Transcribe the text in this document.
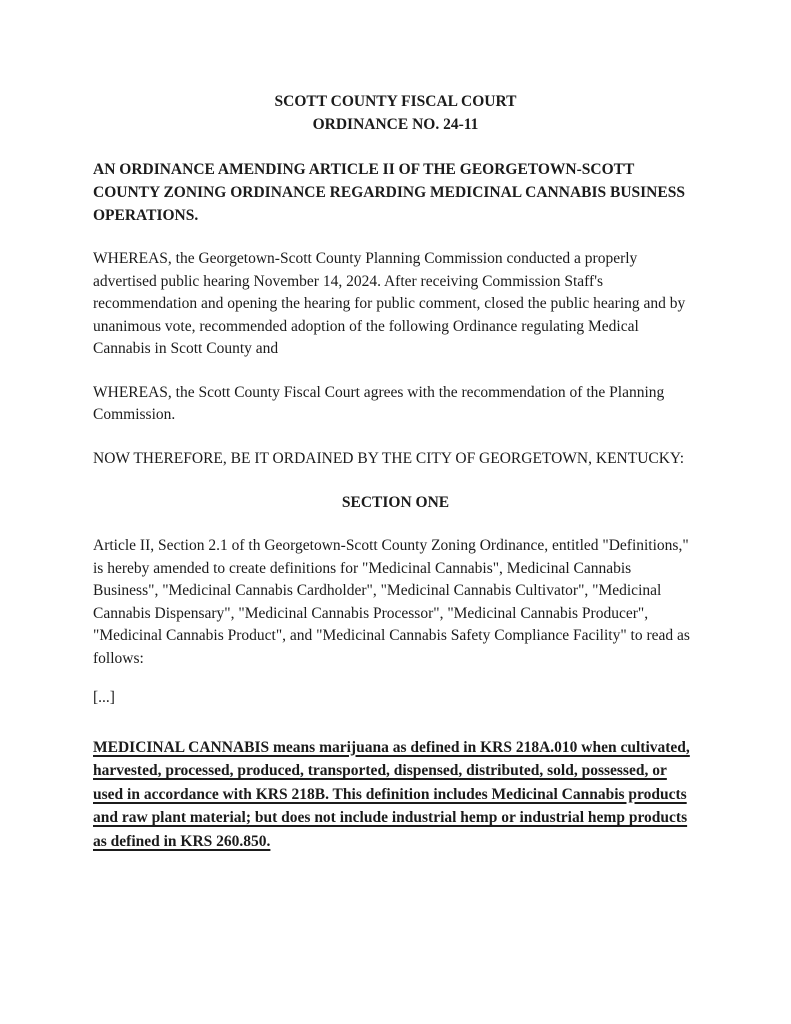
SCOTT COUNTY FISCAL COURT
ORDINANCE NO. 24-11
AN ORDINANCE AMENDING ARTICLE II OF THE GEORGETOWN-SCOTT COUNTY ZONING ORDINANCE REGARDING MEDICINAL CANNABIS BUSINESS OPERATIONS.
WHEREAS, the Georgetown-Scott County Planning Commission conducted a properly advertised public hearing November 14, 2024. After receiving Commission Staff's recommendation and opening the hearing for public comment, closed the public hearing and by unanimous vote, recommended adoption of the following Ordinance regulating Medical Cannabis in Scott County and
WHEREAS, the Scott County Fiscal Court agrees with the recommendation of the Planning Commission.
NOW THEREFORE, BE IT ORDAINED BY THE CITY OF GEORGETOWN, KENTUCKY:
SECTION ONE
Article II, Section 2.1 of th Georgetown-Scott County Zoning Ordinance, entitled "Definitions," is hereby amended to create definitions for "Medicinal Cannabis", Medicinal Cannabis Business", "Medicinal Cannabis Cardholder", "Medicinal Cannabis Cultivator", "Medicinal Cannabis Dispensary", "Medicinal Cannabis Processor", "Medicinal Cannabis Producer", "Medicinal Cannabis Product", and "Medicinal Cannabis Safety Compliance Facility" to read as follows:
[...]
MEDICINAL CANNABIS means marijuana as defined in KRS 218A.010 when cultivated, harvested, processed, produced, transported, dispensed, distributed, sold, possessed, or used in accordance with KRS 218B. This definition includes Medicinal Cannabis products and raw plant material; but does not include industrial hemp or industrial hemp products as defined in KRS 260.850.
